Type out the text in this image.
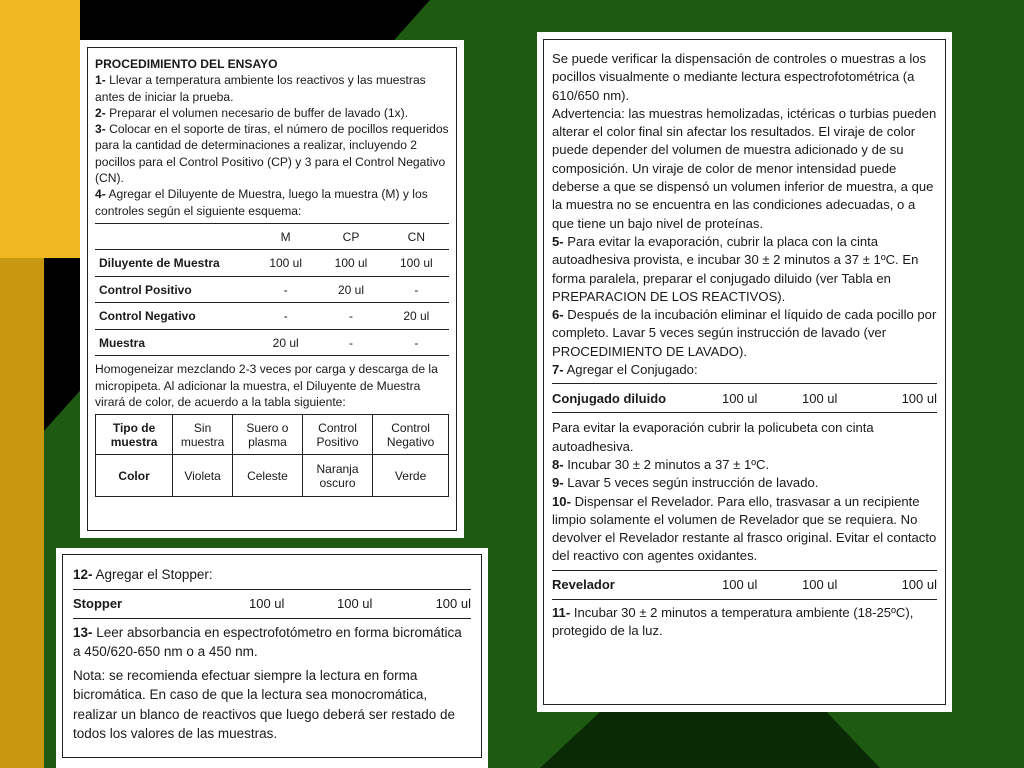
PROCEDIMIENTO DEL ENSAYO

1- Llevar a temperatura ambiente los reactivos y las muestras antes de iniciar la prueba.

2- Preparar el volumen necesario de buffer de lavado (1x).

3- Colocar en el soporte de tiras, el número de pocillos requeridos para la cantidad de determinaciones a realizar, incluyendo 2 pocillos para el Control Positivo (CP) y 3 para el Control Negativo (CN).

4- Agregar el Diluyente de Muestra, luego la muestra (M) y los controles según el siguiente esquema:

	M	CP	CN
Diluyente de Muestra	100 ul	100 ul	100 ul
Control Positivo	-	20 ul	-
Control Negativo	-	-	20 ul
Muestra	20 ul	-	-

Homogeneizar mezclando 2-3 veces por carga y descarga de la micropipeta. Al adicionar la muestra, el Diluyente de Muestra virará de color, de acuerdo a la tabla siguiente:

Tipo de muestra	Sin muestra	Suero o plasma	Control Positivo	Control Negativo
Color	Violeta	Celeste	Naranja oscuro	Verde

Se puede verificar la dispensación de controles o muestras a los pocillos visualmente o mediante lectura espectrofotométrica (a 610/650 nm).

Advertencia: las muestras hemolizadas, ictéricas o turbias pueden alterar el color final sin afectar los resultados. El viraje de color puede depender del volumen de muestra adicionado y de su composición. Un viraje de color de menor intensidad puede deberse a que se dispensó un volumen inferior de muestra, a que la muestra no se encuentra en las condiciones adecuadas, o a que tiene un bajo nivel de proteínas.

5- Para evitar la evaporación, cubrir la placa con la cinta autoadhesiva provista, e incubar 30 ± 2 minutos a 37 ± 1ºC. En forma paralela, preparar el conjugado diluido (ver Tabla en PREPARACION DE LOS REACTIVOS).

6- Después de la incubación eliminar el líquido de cada pocillo por completo. Lavar 5 veces según instrucción de lavado (ver PROCEDIMIENTO DE LAVADO).

7- Agregar el Conjugado:

Conjugado diluido	100 ul	100 ul	100 ul

Para evitar la evaporación cubrir la policubeta con cinta autoadhesiva.

8- Incubar 30 ± 2 minutos a 37 ± 1ºC.

9- Lavar 5 veces según instrucción de lavado.

10- Dispensar el Revelador. Para ello, trasvasar a un recipiente limpio solamente el volumen de Revelador que se requiera. No devolver el Revelador restante al frasco original. Evitar el contacto del reactivo con agentes oxidantes.

Revelador	100 ul	100 ul	100 ul

11- Incubar 30 ± 2 minutos a temperatura ambiente (18-25ºC), protegido de la luz.

12- Agregar el Stopper:

Stopper	100 ul	100 ul	100 ul

13- Leer absorbancia en espectrofotómetro en forma bicromática a 450/620-650 nm o a 450 nm.

Nota: se recomienda efectuar siempre la lectura en forma bicromática. En caso de que la lectura sea monocromática, realizar un blanco de reactivos que luego deberá ser restado de todos los valores de las muestras.
